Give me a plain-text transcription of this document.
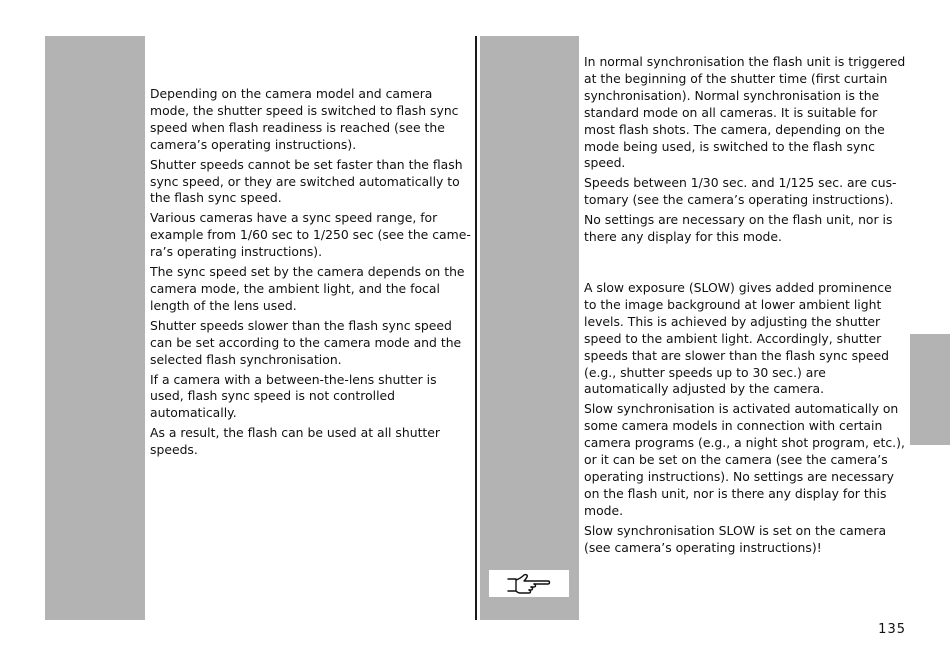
Depending on the camera model and camera mode, the shutter speed is switched to flash sync speed when flash readiness is reached (see the camera’s operating instructions).

Shutter speeds cannot be set faster than the flash sync speed, or they are switched automatically to the flash sync speed.

Various cameras have a sync speed range, for example from 1/60 sec to 1/250 sec (see the came-ra’s operating instructions).

The sync speed set by the camera depends on the camera mode, the ambient light, and the focal length of the lens used.

Shutter speeds slower than the flash sync speed can be set according to the camera mode and the selected flash synchronisation.

If a camera with a between-the-lens shutter is used, flash sync speed is not controlled automatically.

As a result, the flash can be used at all shutter speeds.

In normal synchronisation the flash unit is triggered at the beginning of the shutter time (first curtain synchronisation). Normal synchronisation is the standard mode on all cameras. It is suitable for most flash shots. The camera, depending on the mode being used, is switched to the flash sync speed.

Speeds between 1/30 sec. and 1/125 sec. are cus-tomary (see the camera’s operating instructions).

No settings are necessary on the flash unit, nor is there any display for this mode.

A slow exposure (SLOW) gives added prominence to the image background at lower ambient light levels. This is achieved by adjusting the shutter speed to the ambient light. Accordingly, shutter speeds that are slower than the flash sync speed (e.g., shutter speeds up to 30 sec.) are automatically adjusted by the camera.

Slow synchronisation is activated automatically on some camera models in connection with certain camera programs (e.g., a night shot program, etc.), or it can be set on the camera (see the camera’s operating instructions). No settings are necessary on the flash unit, nor is there any display for this mode.

Slow synchronisation SLOW is set on the camera (see camera’s operating instructions)!

135
